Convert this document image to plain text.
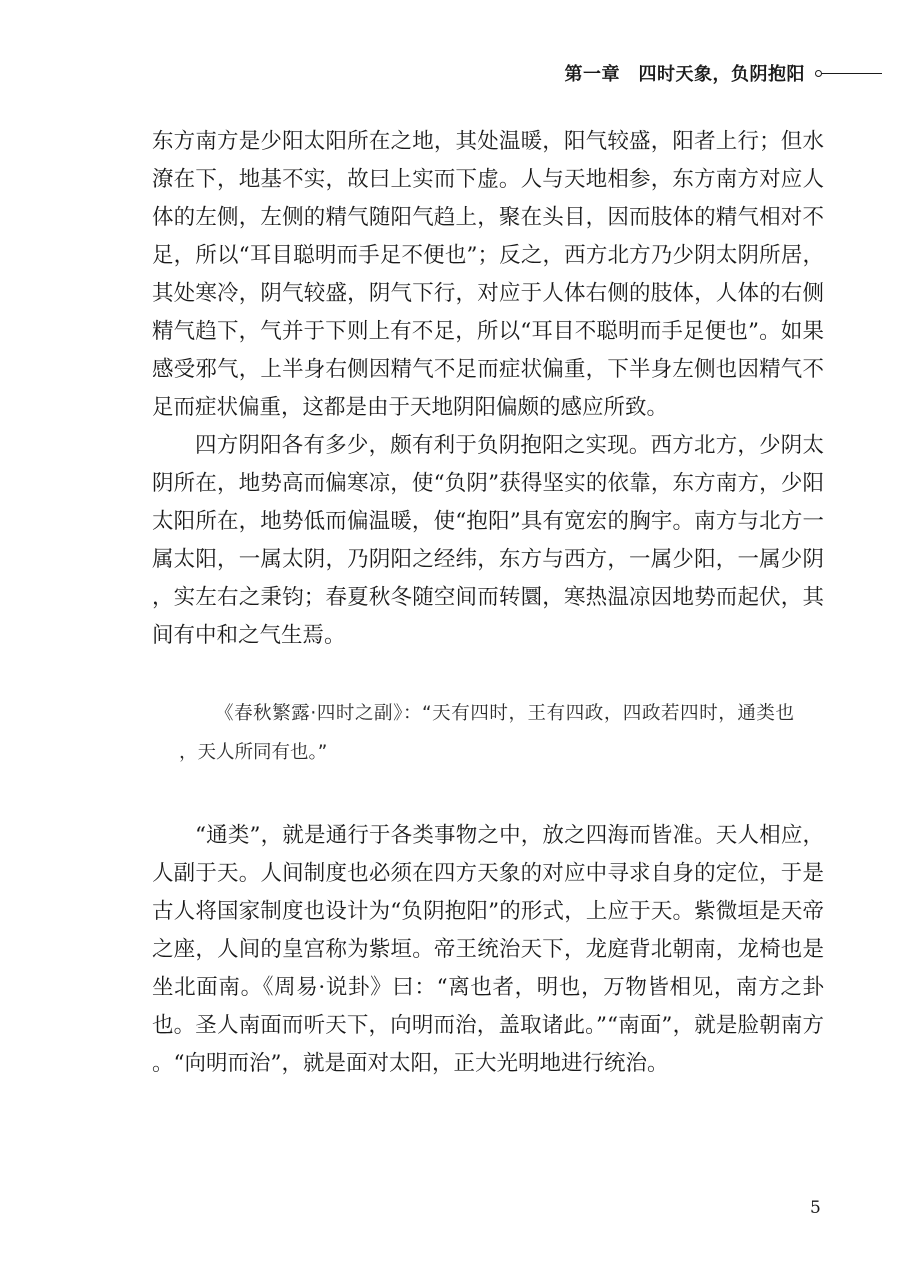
第一章　四时天象，负阴抱阳

东方南方是少阳太阳所在之地，其处温暖，阳气较盛，阳者上行；但水潦在下，地基不实，故曰上实而下虚。人与天地相参，东方南方对应人体的左侧，左侧的精气随阳气趋上，聚在头目，因而肢体的精气相对不足，所以“耳目聪明而手足不便也”；反之，西方北方乃少阴太阴所居，其处寒冷，阴气较盛，阴气下行，对应于人体右侧的肢体，人体的右侧精气趋下，气并于下则上有不足，所以“耳目不聪明而手足便也”。如果感受邪气，上半身右侧因精气不足而症状偏重，下半身左侧也因精气不足而症状偏重，这都是由于天地阴阳偏颇的感应所致。

四方阴阳各有多少，颇有利于负阴抱阳之实现。西方北方，少阴太阴所在，地势高而偏寒凉，使“负阴”获得坚实的依靠，东方南方，少阳太阳所在，地势低而偏温暖，使“抱阳”具有宽宏的胸宇。南方与北方一属太阳，一属太阴，乃阴阳之经纬，东方与西方，一属少阳，一属少阴，实左右之秉钧；春夏秋冬随空间而转圜，寒热温凉因地势而起伏，其间有中和之气生焉。

《春秋繁露·四时之副》：“天有四时，王有四政，四政若四时，通类也，天人所同有也。”

“通类”，就是通行于各类事物之中，放之四海而皆准。天人相应，人副于天。人间制度也必须在四方天象的对应中寻求自身的定位，于是古人将国家制度也设计为“负阴抱阳”的形式，上应于天。紫微垣是天帝之座，人间的皇宫称为紫垣。帝王统治天下，龙庭背北朝南，龙椅也是坐北面南。《周易·说卦》曰：“离也者，明也，万物皆相见，南方之卦也。圣人南面而听天下，向明而治，盖取诸此。”“南面”，就是脸朝南方。“向明而治”，就是面对太阳，正大光明地进行统治。

5
